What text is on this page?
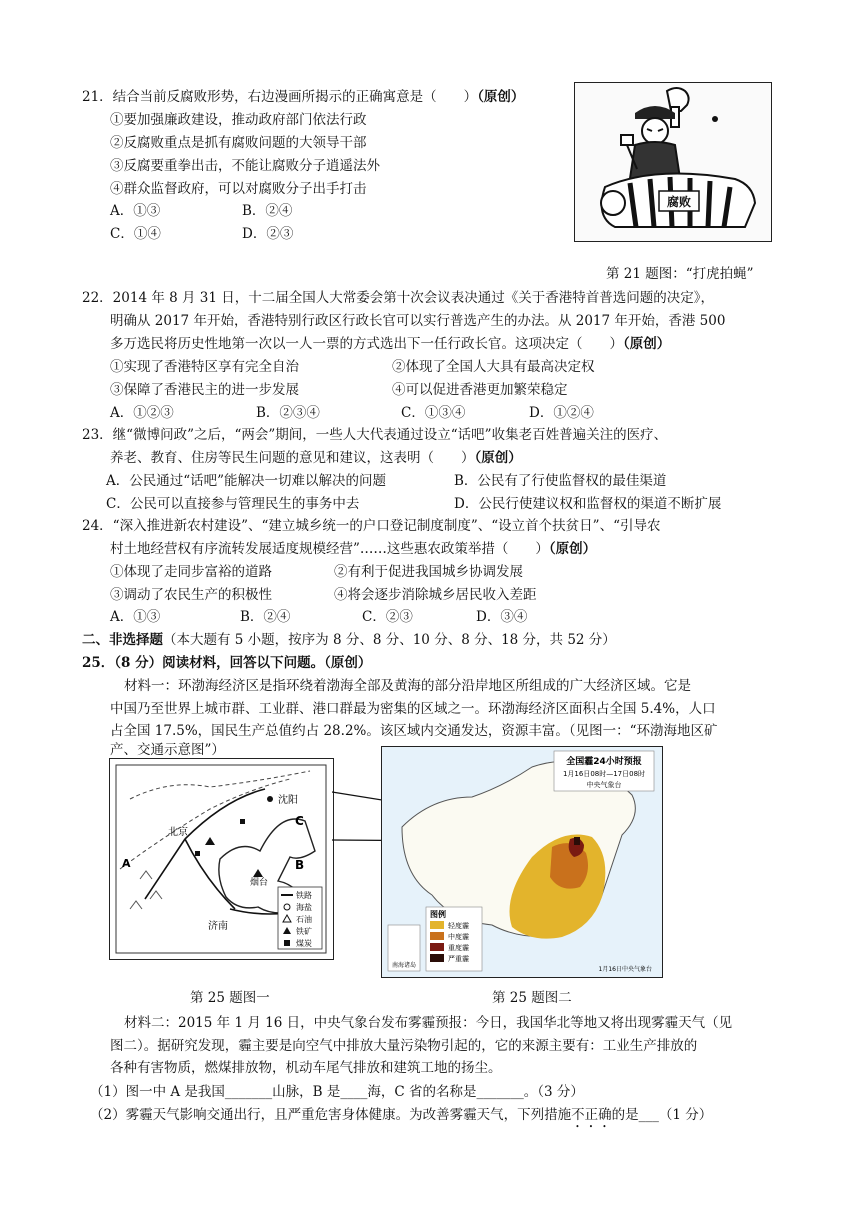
21．结合当前反腐败形势，右边漫画所揭示的正确寓意是（　　）（原创）
①要加强廉政建设，推动政府部门依法行政
②反腐败重点是抓有腐败问题的大领导干部
③反腐要重拳出击，不能让腐败分子逍遥法外
④群众监督政府，可以对腐败分子出手打击
A．①③	B．②④
C．①④	D．②③
腐败
第 21 题图：“打虎拍蝇”
22．2014 年 8 月 31 日，十二届全国人大常委会第十次会议表决通过《关于香港特首普选问题的决定》，
明确从 2017 年开始，香港特别行政区行政长官可以实行普选产生的办法。从 2017 年开始，香港 500
多万选民将历史性地第一次以一人一票的方式选出下一任行政长官。这项决定（　　）（原创）
①实现了香港特区享有完全自治	②体现了全国人大具有最高决定权
③保障了香港民主的进一步发展	④可以促进香港更加繁荣稳定
A．①②③	B．②③④	C．①③④	D．①②④
23．继“微博问政”之后，“两会”期间，一些人大代表通过设立“话吧”收集老百姓普遍关注的医疗、
养老、教育、住房等民生问题的意见和建议，这表明（　　）（原创）
A．公民通过“话吧”能解决一切难以解决的问题	B．公民有了行使监督权的最佳渠道
C．公民可以直接参与管理民生的事务中去	D．公民行使建议权和监督权的渠道不断扩展
24．“深入推进新农村建设”、“建立城乡统一的户口登记制度制度”、“设立首个扶贫日”、“引导农
村土地经营权有序流转发展适度规模经营”……这些惠农政策举措（　　）（原创）
①体现了走同步富裕的道路	②有利于促进我国城乡协调发展
③调动了农民生产的积极性	④将会逐步消除城乡居民收入差距
A．①③	B．②④	C．②③	D．③④
二、非选择题（本大题有 5 小题，按序为 8 分、8 分、10 分、8 分、18 分，共 52 分）
25．（8 分）阅读材料，回答以下问题。（原创）
材料一：环渤海经济区是指环绕着渤海全部及黄海的部分沿岸地区所组成的广大经济区域。它是
中国乃至世界上城市群、工业群、港口群最为密集的区域之一。环渤海经济区面积占全国 5.4%，人口
占全国 17.5%，国民生产总值约占 28.2%。该区域内交通发达，资源丰富。（见图一：“环渤海地区矿
产、交通示意图”）
沈阳
北京
烟台
济南
A	B
C
铁路
海盐
石油
铁矿
煤炭
全国霾24小时预报
1月16日08时—17日08时
中央气象台
图例
轻度霾
中度霾
重度霾
严重霾
南海诸岛
1月16日中央气象台
第 25 题图一	第 25 题图二
材料二：2015 年 1 月 16 日，中央气象台发布雾霾预报：今日，我国华北等地又将出现雾霾天气（见
图二）。据研究发现，霾主要是向空气中排放大量污染物引起的，它的来源主要有：工业生产排放的
各种有害物质，燃煤排放物，机动车尾气排放和建筑工地的扬尘。
（1）图一中 A 是我国_______山脉，B 是____海，C 省的名称是_______。（3 分）
（2）雾霾天气影响交通出行，且严重危害身体健康。为改善雾霾天气，下列措施不正确的是___（1 分）
